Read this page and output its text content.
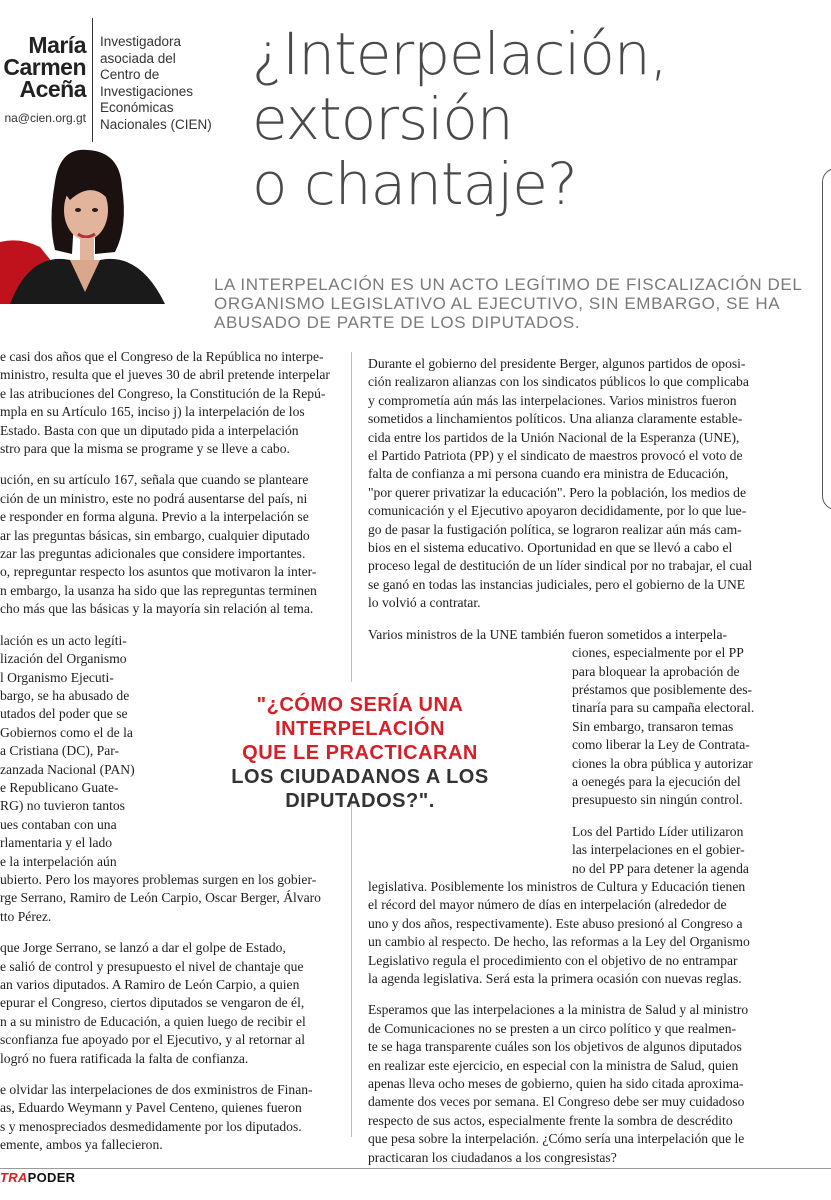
María
Carmen
Aceña
na@cien.org.gt
Investigadora
asociada del
Centro de
Investigaciones
Económicas
Nacionales (CIEN)
¿Interpelación,
extorsión
o chantaje?
LA INTERPELACIÓN ES UN ACTO LEGÍTIMO DE FISCALIZACIÓN DEL
ORGANISMO LEGISLATIVO AL EJECUTIVO, SIN EMBARGO, SE HA
ABUSADO DE PARTE DE LOS DIPUTADOS.

e casi dos años que el Congreso de la República no interpe-
ministro, resulta que el jueves 30 de abril pretende interpelar
e las atribuciones del Congreso, la Constitución de la Repú-
mpla en su Artículo 165, inciso j) la interpelación de los
Estado. Basta con que un diputado pida a interpelación
stro para que la misma se programe y se lleve a cabo.

ución, en su artículo 167, señala que cuando se planteare
ción de un ministro, este no podrá ausentarse del país, ni
e responder en forma alguna. Previo a la interpelación se
ar las preguntas básicas, sin embargo, cualquier diputado
zar las preguntas adicionales que considere importantes.
o, repreguntar respecto los asuntos que motivaron la inter-
n embargo, la usanza ha sido que las repreguntas terminen
cho más que las básicas y la mayoría sin relación al tema.

lación es un acto legíti-
lización del Organismo
l Organismo Ejecuti-
bargo, se ha abusado de
utados del poder que se
Gobiernos como el de la
a Cristiana (DC), Par-
zanzada Nacional (PAN)
e Republicano Guate-
RG) no tuvieron tantos
ues contaban con una
rlamentaria y el lado
e la interpelación aún
ubierto. Pero los mayores problemas surgen en los gobier-
rge Serrano, Ramiro de León Carpio, Oscar Berger, Álvaro
tto Pérez.

que Jorge Serrano, se lanzó a dar el golpe de Estado,
e salió de control y presupuesto el nivel de chantaje que
an varios diputados. A Ramiro de León Carpio, a quien
epurar el Congreso, ciertos diputados se vengaron de él,
n a su ministro de Educación, a quien luego de recibir el
sconfianza fue apoyado por el Ejecutivo, y al retornar al
logró no fuera ratificada la falta de confianza.

e olvidar las interpelaciones de dos exministros de Finan-
as, Eduardo Weymann y Pavel Centeno, quienes fueron
s y menospreciados desmedidamente por los diputados.
emente, ambos ya fallecieron.

Durante el gobierno del presidente Berger, algunos partidos de oposi-
ción realizaron alianzas con los sindicatos públicos lo que complicaba
y comprometía aún más las interpelaciones. Varios ministros fueron
sometidos a linchamientos políticos. Una alianza claramente estable-
cida entre los partidos de la Unión Nacional de la Esperanza (UNE),
el Partido Patriota (PP) y el sindicato de maestros provocó el voto de
falta de confianza a mi persona cuando era ministra de Educación,
"por querer privatizar la educación". Pero la población, los medios de
comunicación y el Ejecutivo apoyaron decididamente, por lo que lue-
go de pasar la fustigación política, se lograron realizar aún más cam-
bios en el sistema educativo. Oportunidad en que se llevó a cabo el
proceso legal de destitución de un líder sindical por no trabajar, el cual
se ganó en todas las instancias judiciales, pero el gobierno de la UNE
lo volvió a contratar.

Varios ministros de la UNE también fueron sometidos a interpela-
ciones, especialmente por el PP
para bloquear la aprobación de
préstamos que posiblemente des-
tinaría para su campaña electoral.
Sin embargo, transaron temas
como liberar la Ley de Contrata-
ciones la obra pública y autorizar
a oenegés para la ejecución del
presupuesto sin ningún control.

Los del Partido Líder utilizaron
las interpelaciones en el gobier-
no del PP para detener la agenda
legislativa. Posiblemente los ministros de Cultura y Educación tienen
el récord del mayor número de días en interpelación (alrededor de
uno y dos años, respectivamente). Este abuso presionó al Congreso a
un cambio al respecto. De hecho, las reformas a la Ley del Organismo
Legislativo regula el procedimiento con el objetivo de no entrampar
la agenda legislativa. Será esta la primera ocasión con nuevas reglas.

Esperamos que las interpelaciones a la ministra de Salud y al ministro
de Comunicaciones no se presten a un circo político y que realmen-
te se haga transparente cuáles son los objetivos de algunos diputados
en realizar este ejercicio, en especial con la ministra de Salud, quien
apenas lleva ocho meses de gobierno, quien ha sido citada aproxima-
damente dos veces por semana. El Congreso debe ser muy cuidadoso
respecto de sus actos, especialmente frente la sombra de descrédito
que pesa sobre la interpelación. ¿Cómo sería una interpelación que le
practicaran los ciudadanos a los congresistas?

"¿CÓMO SERÍA UNA INTERPELACIÓN
QUE LE PRACTICARAN
LOS CIUDADANOS A LOS DIPUTADOS?".
TRAPODER
